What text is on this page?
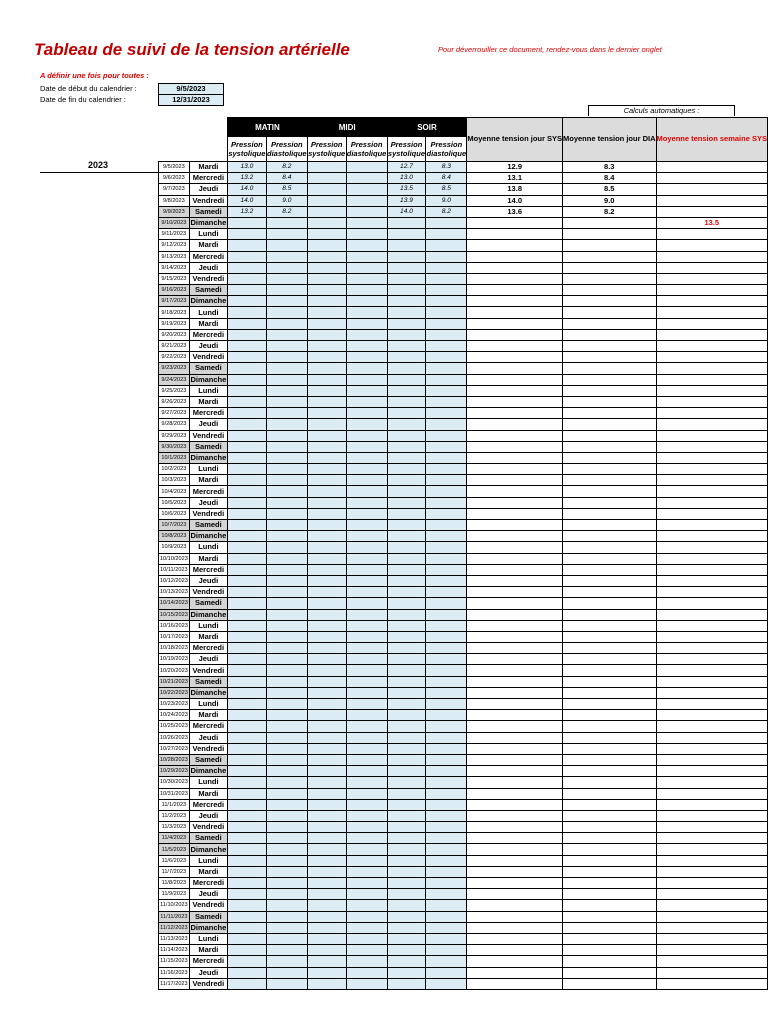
Tableau de suivi de la tension artérielle	Pour déverrouiller ce document, rendez-vous dans le dernier onglet
A définir une fois pour toutes :
Date de début du calendrier :	9/5/2023
Date de fin du calendrier :	12/31/2023
Calculs automatiques :
2023
		MATIN		MIDI		SOIR		Moyenne tension jour SYS	Moyenne tension jour DIA	Moyenne tension semaine SYS
		Pression systolique	Pression diastolique	Pression systolique	Pression diastolique	Pression systolique	Pression diastolique			
9/5/2023	Mardi	13.0	8.2			12.7	8.3	12.9	8.3	
9/6/2023	Mercredi	13.2	8.4			13.0	8.4	13.1	8.4	
9/7/2023	Jeudi	14.0	8.5			13.5	8.5	13.8	8.5	
9/8/2023	Vendredi	14.0	9.0			13.9	9.0	14.0	9.0	
9/9/2023	Samedi	13.2	8.2			14.0	8.2	13.6	8.2	
9/10/2023	Dimanche									13.5
9/11/2023	Lundi									
9/12/2023	Mardi									
9/13/2023	Mercredi									
9/14/2023	Jeudi									
9/15/2023	Vendredi									
9/16/2023	Samedi									
9/17/2023	Dimanche									
9/18/2023	Lundi									
9/19/2023	Mardi									
9/20/2023	Mercredi									
9/21/2023	Jeudi									
9/22/2023	Vendredi									
9/23/2023	Samedi									
9/24/2023	Dimanche									
9/25/2023	Lundi									
9/26/2023	Mardi									
9/27/2023	Mercredi									
9/28/2023	Jeudi									
9/29/2023	Vendredi									
9/30/2023	Samedi									
10/1/2023	Dimanche									
10/2/2023	Lundi									
10/3/2023	Mardi									
10/4/2023	Mercredi									
10/5/2023	Jeudi									
10/6/2023	Vendredi									
10/7/2023	Samedi									
10/8/2023	Dimanche									
10/9/2023	Lundi									
10/10/2023	Mardi									
10/11/2023	Mercredi									
10/12/2023	Jeudi									
10/13/2023	Vendredi									
10/14/2023	Samedi									
10/15/2023	Dimanche									
10/16/2023	Lundi									
10/17/2023	Mardi									
10/18/2023	Mercredi									
10/19/2023	Jeudi									
10/20/2023	Vendredi									
10/21/2023	Samedi									
10/22/2023	Dimanche									
10/23/2023	Lundi									
10/24/2023	Mardi									
10/25/2023	Mercredi									
10/26/2023	Jeudi									
10/27/2023	Vendredi									
10/28/2023	Samedi									
10/29/2023	Dimanche									
10/30/2023	Lundi									
10/31/2023	Mardi									
11/1/2023	Mercredi									
11/2/2023	Jeudi									
11/3/2023	Vendredi									
11/4/2023	Samedi									
11/5/2023	Dimanche									
11/6/2023	Lundi									
11/7/2023	Mardi									
11/8/2023	Mercredi									
11/9/2023	Jeudi									
11/10/2023	Vendredi									
11/11/2023	Samedi									
11/12/2023	Dimanche									
11/13/2023	Lundi									
11/14/2023	Mardi									
11/15/2023	Mercredi									
11/16/2023	Jeudi									
11/17/2023	Vendredi									
